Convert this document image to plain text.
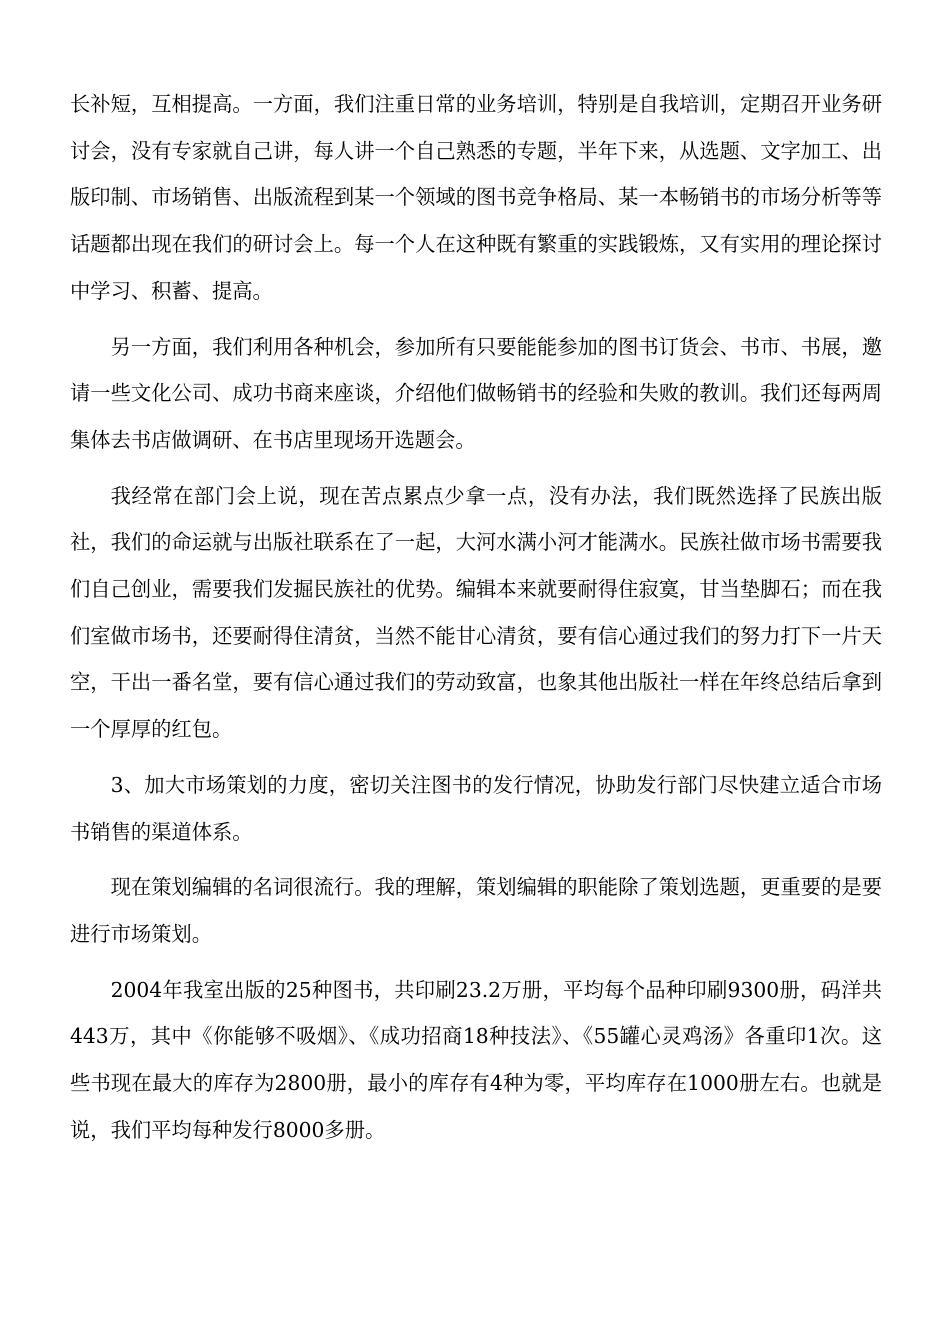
长补短，互相提高。一方面，我们注重日常的业务培训，特别是自我培训，定期召开业务研讨会，没有专家就自己讲，每人讲一个自己熟悉的专题，半年下来，从选题、文字加工、出版印制、市场销售、出版流程到某一个领域的图书竞争格局、某一本畅销书的市场分析等等话题都出现在我们的研讨会上。每一个人在这种既有繁重的实践锻炼，又有实用的理论探讨中学习、积蓄、提高。

另一方面，我们利用各种机会，参加所有只要能能参加的图书订货会、书市、书展，邀请一些文化公司、成功书商来座谈，介绍他们做畅销书的经验和失败的教训。我们还每两周集体去书店做调研、在书店里现场开选题会。

我经常在部门会上说，现在苦点累点少拿一点，没有办法，我们既然选择了民族出版社，我们的命运就与出版社联系在了一起，大河水满小河才能满水。民族社做市场书需要我们自己创业，需要我们发掘民族社的优势。编辑本来就要耐得住寂寞，甘当垫脚石；而在我们室做市场书，还要耐得住清贫，当然不能甘心清贫，要有信心通过我们的努力打下一片天空，干出一番名堂，要有信心通过我们的劳动致富，也象其他出版社一样在年终总结后拿到一个厚厚的红包。

3、加大市场策划的力度，密切关注图书的发行情况，协助发行部门尽快建立适合市场书销售的渠道体系。

现在策划编辑的名词很流行。我的理解，策划编辑的职能除了策划选题，更重要的是要进行市场策划。

2004年我室出版的25种图书，共印刷23.2万册，平均每个品种印刷9300册，码洋共443万，其中《你能够不吸烟》、《成功招商18种技法》、《55罐心灵鸡汤》各重印1次。这些书现在最大的库存为2800册，最小的库存有4种为零，平均库存在1000册左右。也就是说，我们平均每种发行8000多册。
